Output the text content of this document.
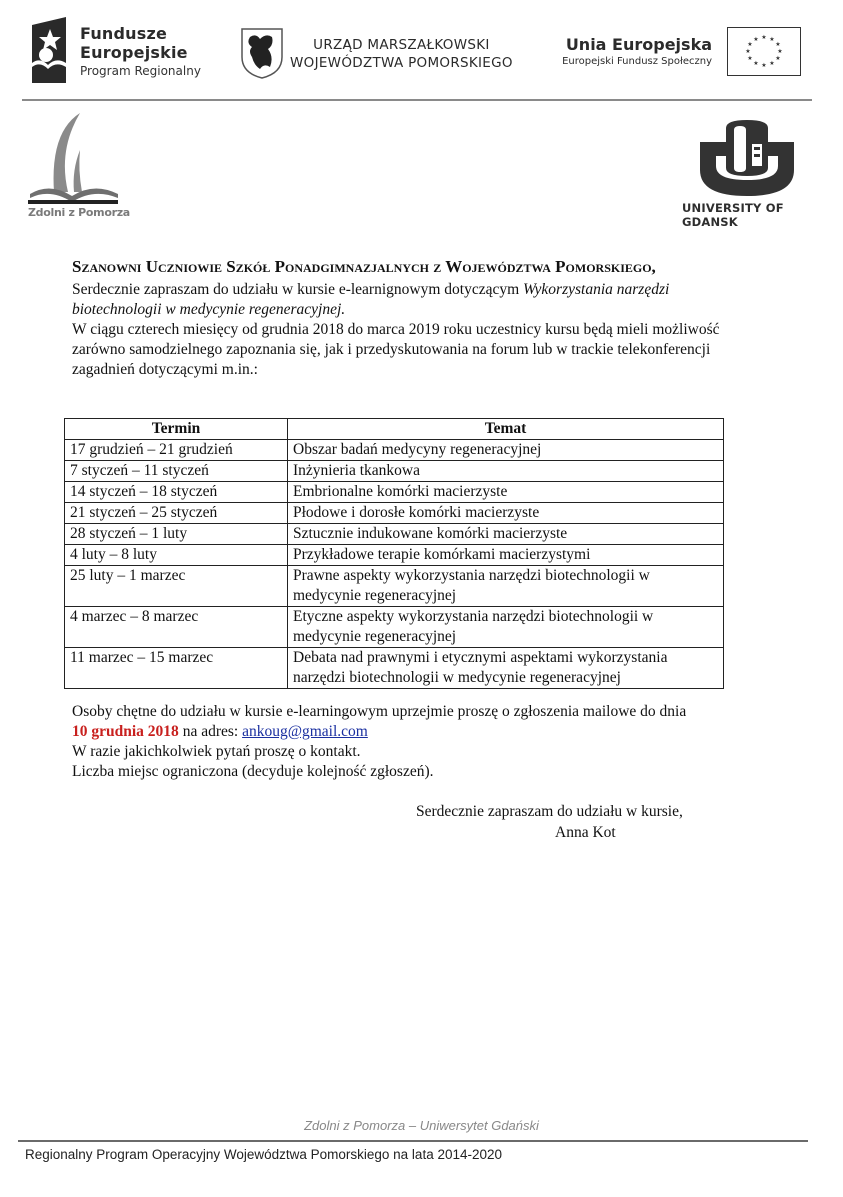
Fundusze
Europejskie
Program Regionalny
URZĄD MARSZAŁKOWSKI
WOJEWÓDZTWA POMORSKIEGO
Unia Europejska
Europejski Fundusz Społeczny
★ ★
★
★
★
★
★
★
★
★
★
★
Zdolni z Pomorza	UNIVERSITY OF GDANSK
Szanowni Uczniowie Szkół Ponadgimnazjalnych z Województwa Pomorskiego,

Serdecznie zapraszam do udziału w kursie e-learnignowym dotyczącym Wykorzystania narzędzi biotechnologii w medycynie regeneracyjnej.

W ciągu czterech miesięcy od grudnia 2018 do marca 2019 roku uczestnicy kursu będą mieli możliwość zarówno samodzielnego zapoznania się, jak i przedyskutowania na forum lub w trackie telekonferencji zagadnień dotyczącymi m.in.:

Termin	Temat
17 grudzień – 21 grudzień	Obszar badań medycyny regeneracyjnej
7 styczeń – 11 styczeń	Inżynieria tkankowa
14 styczeń – 18 styczeń	Embrionalne komórki macierzyste
21 styczeń – 25 styczeń	Płodowe i dorosłe komórki macierzyste
28 styczeń – 1 luty	Sztucznie indukowane komórki macierzyste
4 luty – 8 luty	Przykładowe terapie komórkami macierzystymi
25 luty – 1 marzec	Prawne aspekty wykorzystania narzędzi biotechnologii w medycynie regeneracyjnej
4 marzec – 8 marzec	Etyczne aspekty wykorzystania narzędzi biotechnologii w medycynie regeneracyjnej
11 marzec – 15 marzec	Debata nad prawnymi i etycznymi aspektami wykorzystania narzędzi biotechnologii w medycynie regeneracyjnej

Osoby chętne do udziału w kursie e-learningowym uprzejmie proszę o zgłoszenia mailowe do dnia

10 grudnia 2018 na adres: ankoug@gmail.com

W razie jakichkolwiek pytań proszę o kontakt.

Liczba miejsc ograniczona (decyduje kolejność zgłoszeń).

Serdecznie zapraszam do udziału w kursie,
Anna Kot
Zdolni z Pomorza – Uniwersytet Gdański
Regionalny Program Operacyjny Województwa Pomorskiego na lata 2014-2020
